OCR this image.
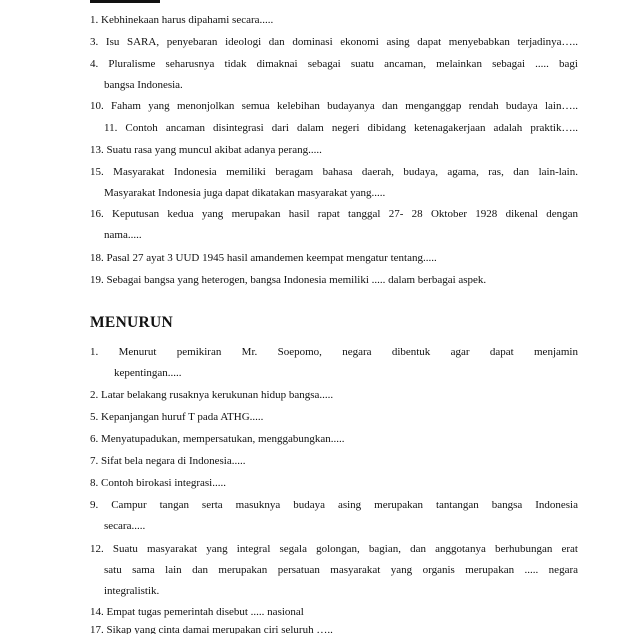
1. Kebhinekaan harus dipahami secara.....
3. Isu SARA, penyebaran ideologi dan dominasi ekonomi asing dapat menyebabkan terjadinya…..
4. Pluralisme seharusnya tidak dimaknai sebagai suatu ancaman, melainkan sebagai ..... bagi
bangsa Indonesia.
10. Faham yang menonjolkan semua kelebihan budayanya dan menganggap rendah budaya lain…..
11. Contoh ancaman disintegrasi dari dalam negeri dibidang ketenagakerjaan adalah praktik…..
13. Suatu rasa yang muncul akibat adanya perang.....
15. Masyarakat Indonesia memiliki beragam bahasa daerah, budaya, agama, ras, dan lain-lain.
Masyarakat Indonesia juga dapat dikatakan masyarakat yang.....
16. Keputusan kedua yang merupakan hasil rapat tanggal 27- 28 Oktober 1928 dikenal dengan
nama.....
18. Pasal 27 ayat 3 UUD 1945 hasil amandemen keempat mengatur tentang.....
19. Sebagai bangsa yang heterogen, bangsa Indonesia memiliki ..... dalam berbagai aspek.
MENURUN
1. Menurut pemikiran Mr. Soepomo, negara dibentuk agar dapat menjamin
kepentingan.....
2. Latar belakang rusaknya kerukunan hidup bangsa.....
5. Kepanjangan huruf T pada ATHG.....
6. Menyatupadukan, mempersatukan, menggabungkan.....
7. Sifat bela negara di Indonesia.....
8. Contoh birokasi integrasi.....
9. Campur tangan serta masuknya budaya asing merupakan tantangan bangsa Indonesia
secara.....
12. Suatu masyarakat yang integral segala golongan, bagian, dan anggotanya berhubungan erat
satu sama lain dan merupakan persatuan masyarakat yang organis merupakan ..... negara
integralistik.
14. Empat tugas pemerintah disebut ..... nasional
17. Sikap yang cinta damai merupakan ciri seluruh …..
